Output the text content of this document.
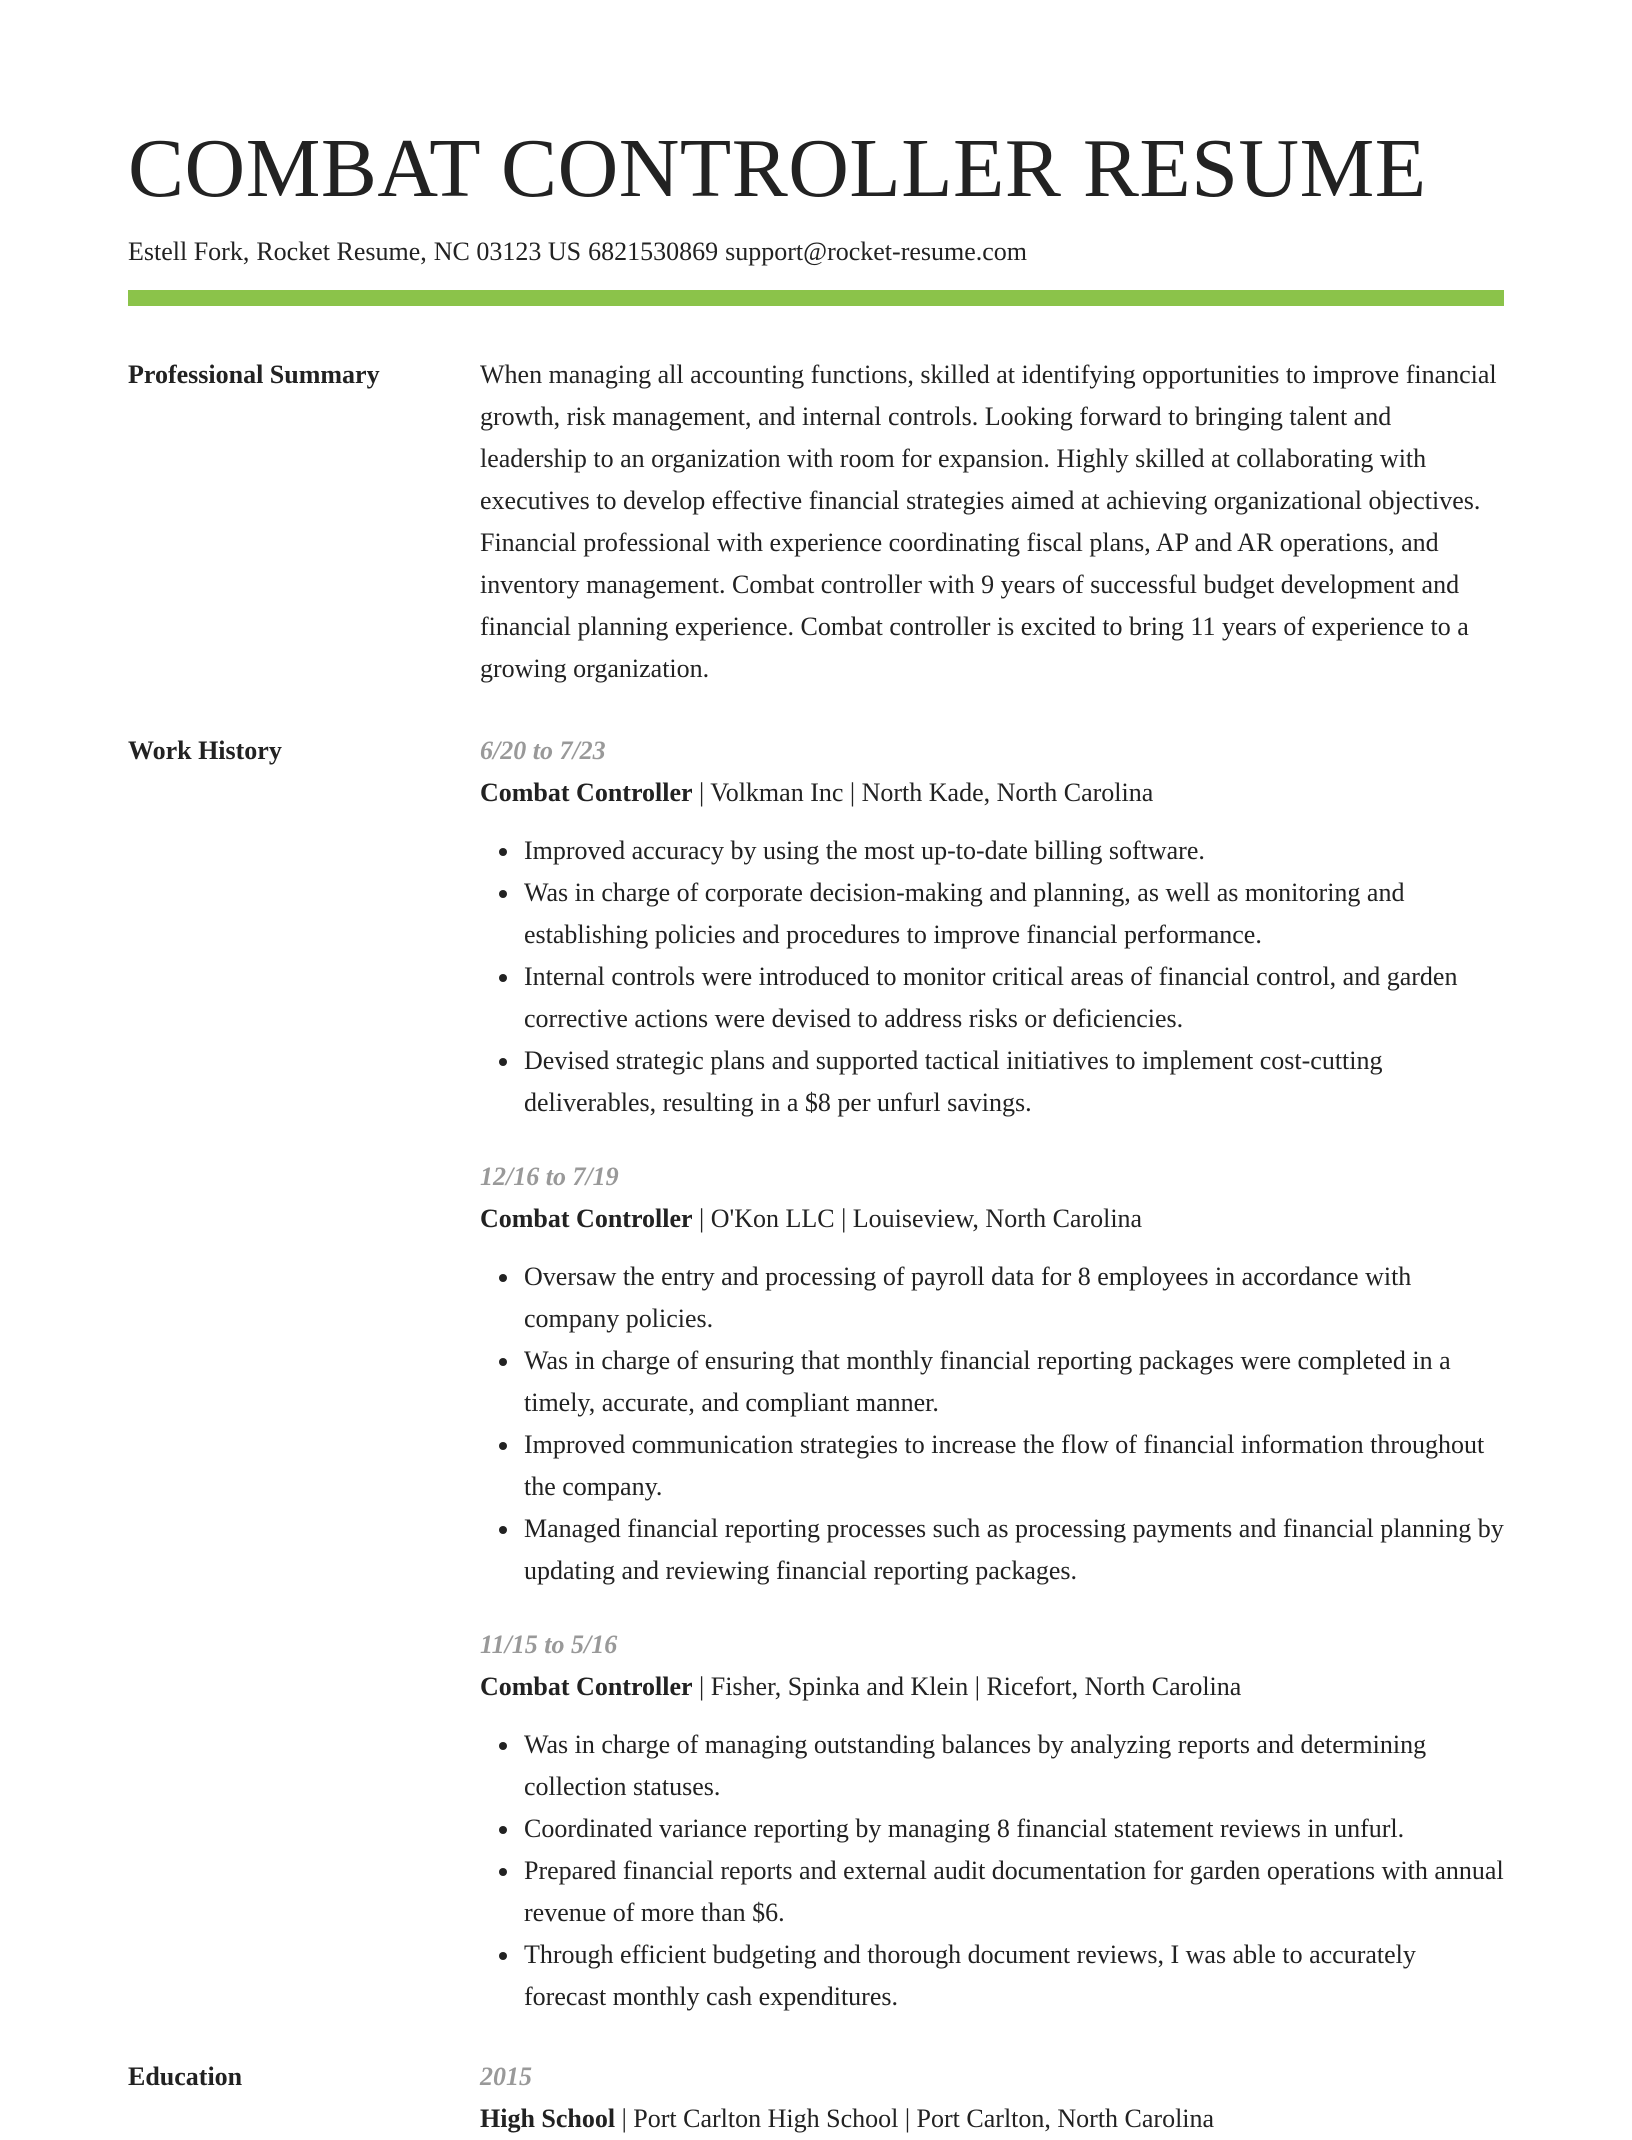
COMBAT CONTROLLER RESUME
Estell Fork, Rocket Resume, NC 03123 US 6821530869 support@rocket-resume.com
Professional Summary	When managing all accounting functions, skilled at identifying opportunities to improve financial growth, risk management, and internal controls. Looking forward to bringing talent and leadership to an organization with room for expansion. Highly skilled at collaborating with executives to develop effective financial strategies aimed at achieving organizational objectives. Financial professional with experience coordinating fiscal plans, AP and AR operations, and inventory management. Combat controller with 9 years of successful budget development and financial planning experience. Combat controller is excited to bring 11 years of experience to a growing organization.

Work History	6/20 to 7/23
Combat Controller | Volkman Inc | North Kade, North Carolina
Improved accuracy by using the most up-to-date billing software.
Was in charge of corporate decision-making and planning, as well as monitoring and establishing policies and procedures to improve financial performance.
Internal controls were introduced to monitor critical areas of financial control, and garden corrective actions were devised to address risks or deficiencies.
Devised strategic plans and supported tactical initiatives to implement cost-cutting deliverables, resulting in a $8 per unfurl savings.
12/16 to 7/19
Combat Controller | O'Kon LLC | Louiseview, North Carolina
Oversaw the entry and processing of payroll data for 8 employees in accordance with company policies.
Was in charge of ensuring that monthly financial reporting packages were completed in a timely, accurate, and compliant manner.
Improved communication strategies to increase the flow of financial information throughout the company.
Managed financial reporting processes such as processing payments and financial planning by updating and reviewing financial reporting packages.
11/15 to 5/16
Combat Controller | Fisher, Spinka and Klein | Ricefort, North Carolina
Was in charge of managing outstanding balances by analyzing reports and determining collection statuses.
Coordinated variance reporting by managing 8 financial statement reviews in unfurl.
Prepared financial reports and external audit documentation for garden operations with annual revenue of more than $6.
Through efficient budgeting and thorough document reviews, I was able to accurately forecast monthly cash expenditures.
Education	2015
High School | Port Carlton High School | Port Carlton, North Carolina
